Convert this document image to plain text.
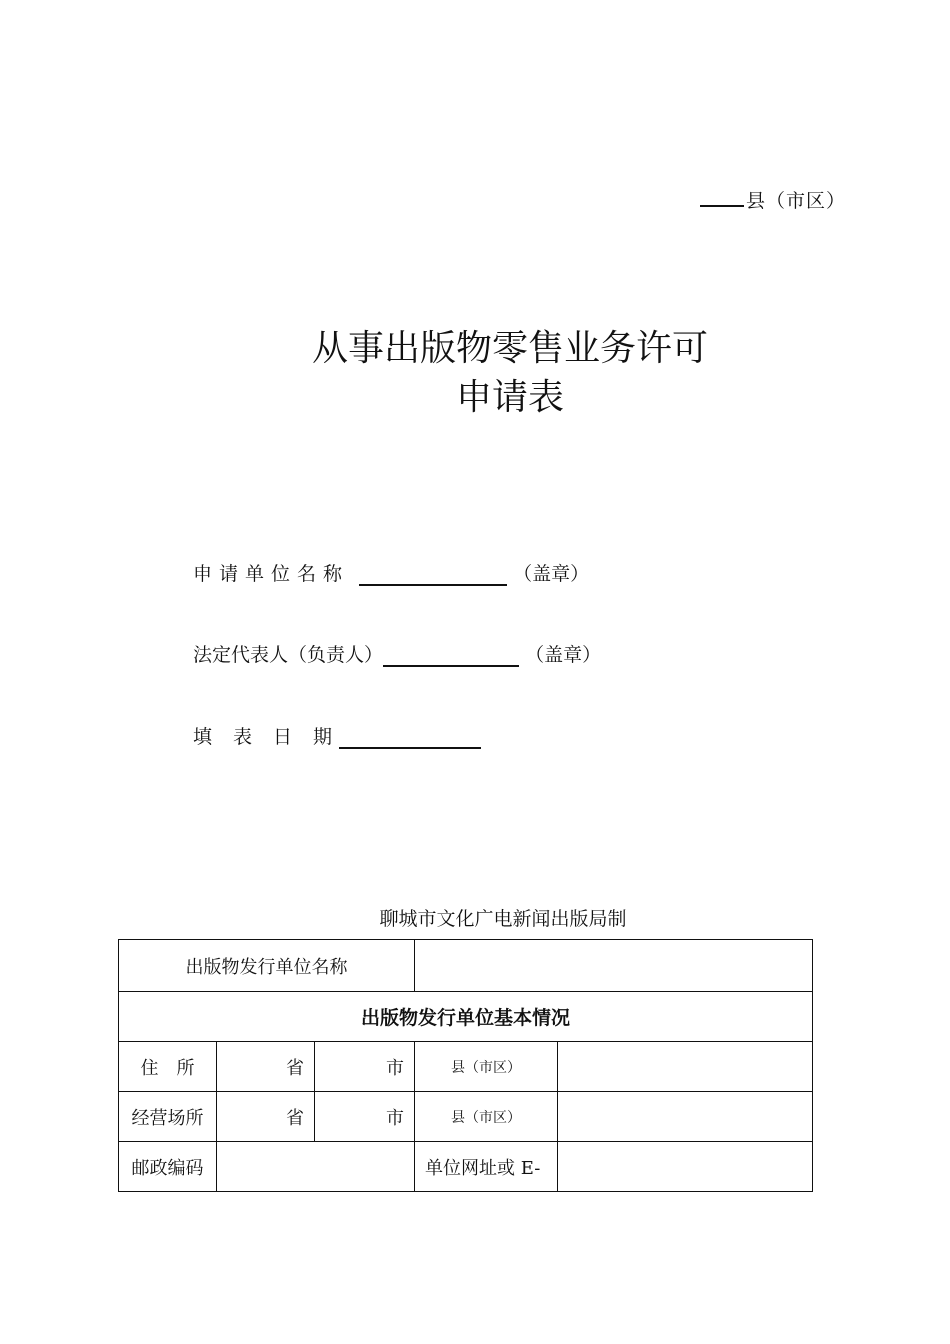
县（市区）
从事出版物零售业务许可
申请表
申请单位名称	（盖章）
法定代表人（负责人）	（盖章）
填表日期
聊城市文化广电新闻出版局制
出版物发行单位名称				
出版物发行单位基本情况				
住　所	省	市	县（市区）	
经营场所	省	市	县（市区）	
邮政编码			单位网址或 E-	
